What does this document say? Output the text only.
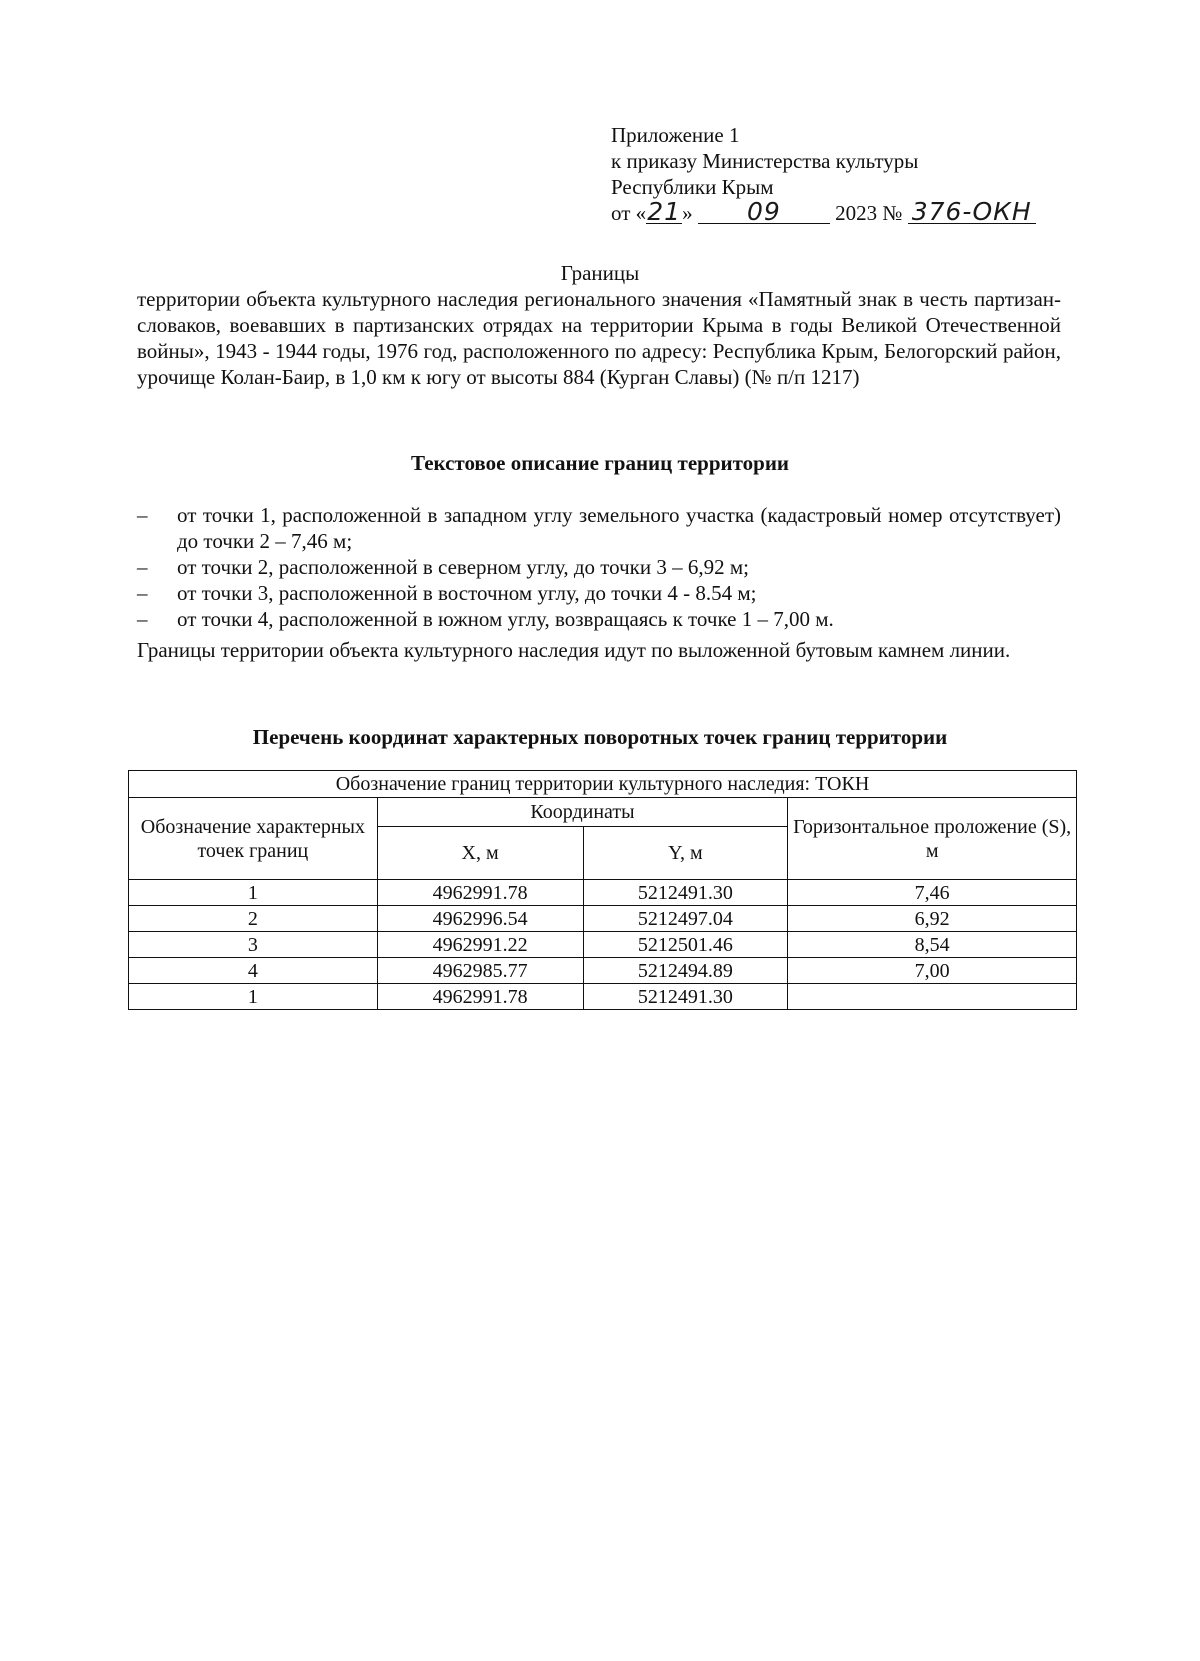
Приложение 1
к приказу Министерства культуры
Республики Крым
от «21» 09	2023 № 376-ОКН
Границы
территории объекта культурного наследия регионального значения «Памятный знак в честь партизан-словаков, воевавших в партизанских отрядах на территории Крыма в годы Великой Отечественной войны», 1943 - 1944 годы, 1976 год, расположенного по адресу: Республика Крым, Белогорский район, урочище Колан-Баир, в 1,0 км к югу от высоты 884 (Курган Славы) (№ п/п 1217)
Текстовое описание границ территории
– от точки 1, расположенной в западном углу земельного участка (кадастровый номер отсутствует) до точки 2 – 7,46 м;
– от точки 2, расположенной в северном углу, до точки 3 – 6,92 м;
– от точки 3, расположенной в восточном углу, до точки 4 - 8.54 м;
– от точки 4, расположенной в южном углу, возвращаясь к точке 1 – 7,00 м.
Границы территории объекта культурного наследия идут по выложенной бутовым камнем линии.
Перечень координат характерных поворотных точек границ территории
Обозначение границ территории культурного наследия: ТОКН			
Обозначение характерных точек границ	Координаты		Горизонтальное проложение (S), м
	X, м	Y, м	
1	4962991.78	5212491.30	7,46
2	4962996.54	5212497.04	6,92
3	4962991.22	5212501.46	8,54
4	4962985.77	5212494.89	7,00
1	4962991.78	5212491.30	
